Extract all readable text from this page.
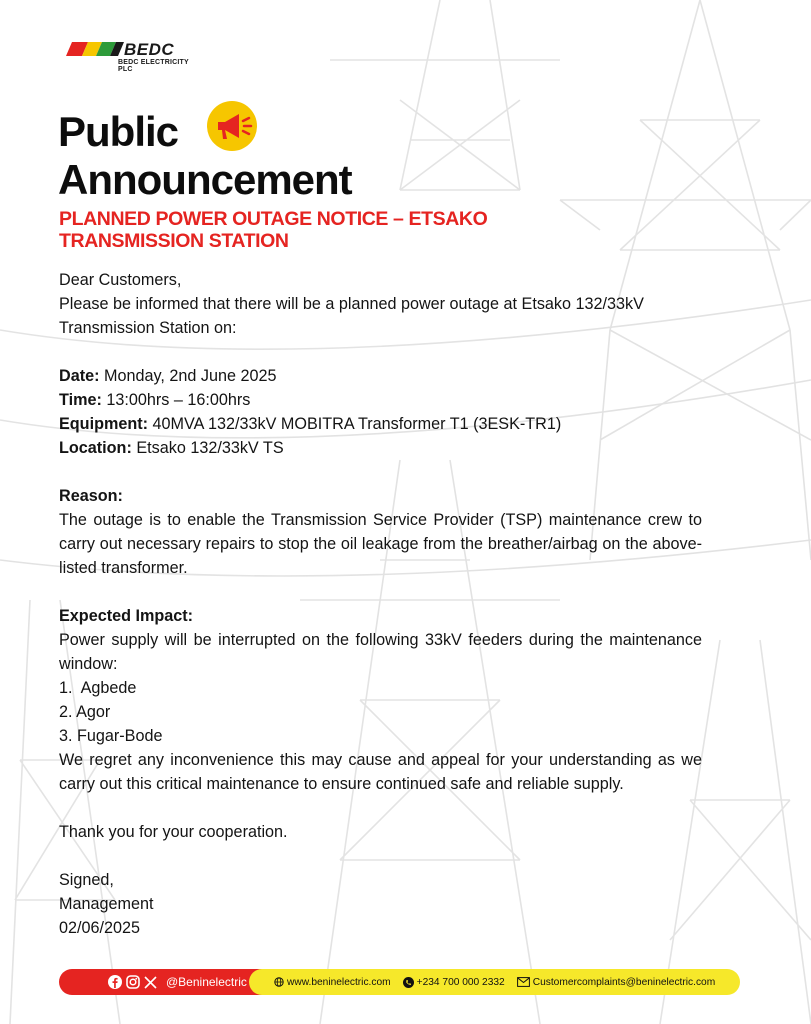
BEDC
BEDC ELECTRICITY PLC
Public
Announcement
PLANNED POWER OUTAGE NOTICE – ETSAKO
TRANSMISSION STATION

Dear Customers,

Please be informed that there will be a planned power outage at Etsako 132/33kV Transmission Station on:

Date: Monday, 2nd June 2025

Time: 13:00hrs – 16:00hrs

Equipment: 40MVA 132/33kV MOBITRA Transformer T1 (3ESK-TR1)

Location: Etsako 132/33kV TS

Reason:

The outage is to enable the Transmission Service Provider (TSP) maintenance crew to carry out necessary repairs to stop the oil leakage from the breather/airbag on the above-listed transformer.

Expected Impact:

Power supply will be interrupted on the following 33kV feeders during the maintenance window:

1.  Agbede

2. Agor

3. Fugar-Bode

We regret any inconvenience this may cause and appeal for your understanding as we carry out this critical maintenance to ensure continued safe and reliable supply.

Thank you for your cooperation.

Signed,

Management

02/06/2025

@Beninelectric	www.beninelectric.com	+234 700 000 2332	Customercomplaints@beninelectric.com
